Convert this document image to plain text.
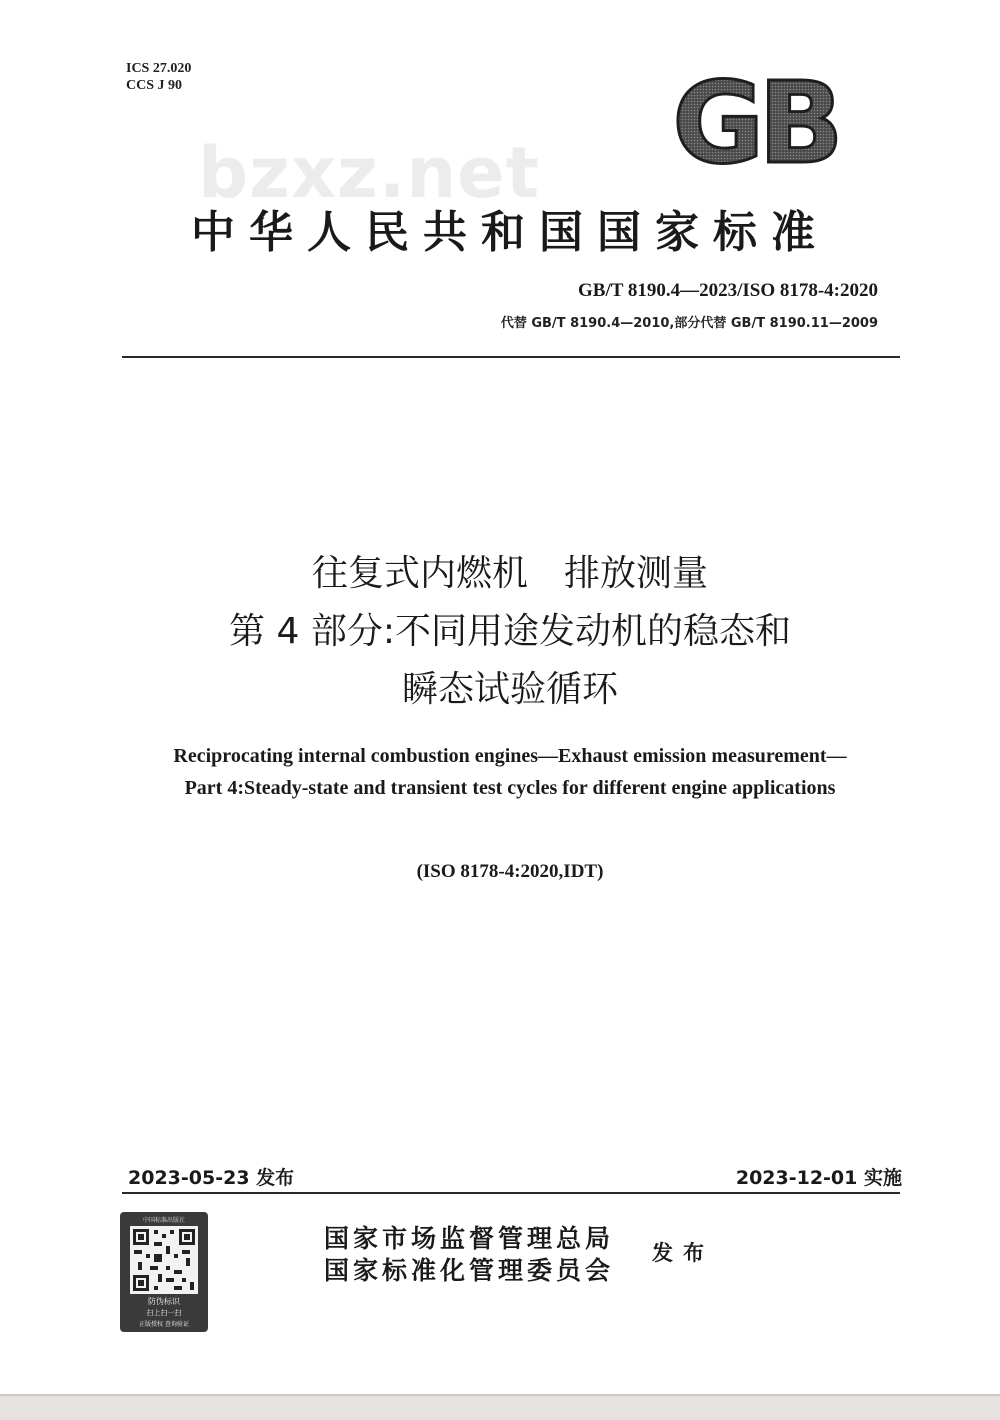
ICS 27.020
CCS J 90
bzxz.net GB
中华人民共和国国家标准
GB/T 8190.4—2023/ISO 8178-4:2020
代替 GB/T 8190.4—2010,部分代替 GB/T 8190.11—2009
往复式内燃机　排放测量
第 4 部分:不同用途发动机的稳态和
瞬态试验循环
Reciprocating internal combustion engines—Exhaust emission measurement—
Part 4:Steady-state and transient test cycles for different engine applications
(ISO 8178-4:2020,IDT)
2023-05-23 发布	2023-12-01 实施
中国标准出版社
防伪标识
扫上扫一扫
正版授权 查询验证
国家市场监督管理总局
国家标准化管理委员会
发布
